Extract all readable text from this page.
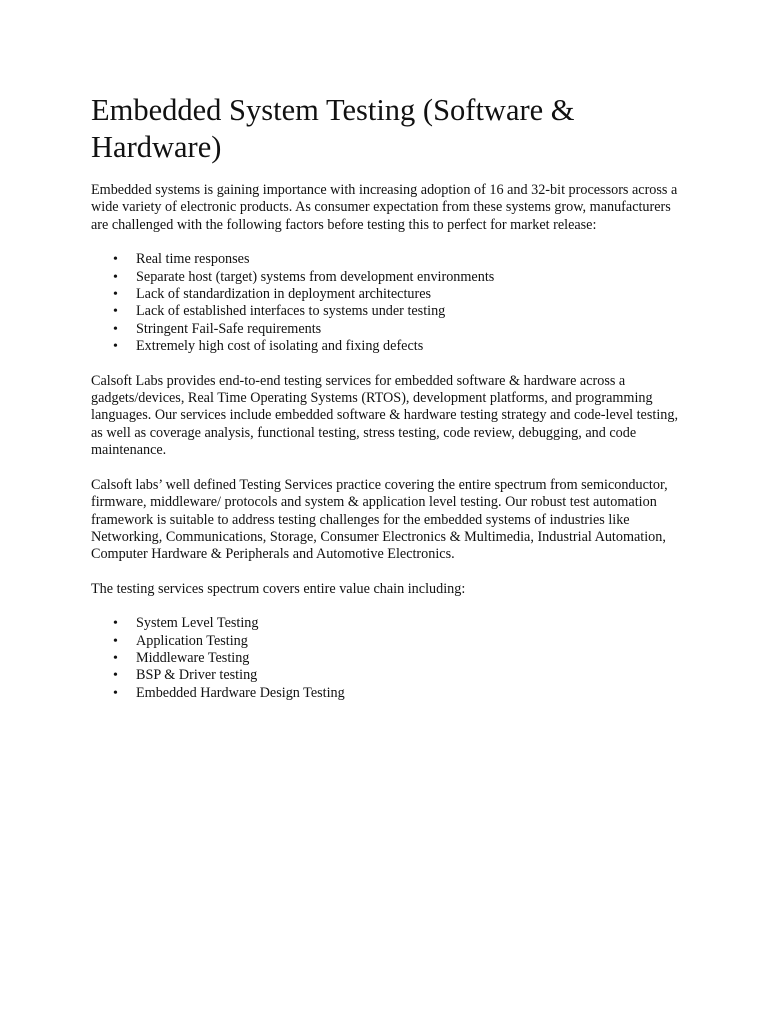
Embedded System Testing (Software & Hardware)

Embedded systems is gaining importance with increasing adoption of 16 and 32-bit processors across a wide variety of electronic products. As consumer expectation from these systems grow, manufacturers are challenged with the following factors before testing this to perfect for market release:

• Real time responses
• Separate host (target) systems from development environments
• Lack of standardization in deployment architectures
• Lack of established interfaces to systems under testing
• Stringent Fail-Safe requirements
• Extremely high cost of isolating and fixing defects

Calsoft Labs provides end-to-end testing services for embedded software & hardware across a gadgets/devices, Real Time Operating Systems (RTOS), development platforms, and programming languages. Our services include embedded software & hardware testing strategy and code-level testing, as well as coverage analysis, functional testing, stress testing, code review, debugging, and code maintenance.

Calsoft labs’ well defined Testing Services practice covering the entire spectrum from semiconductor, firmware, middleware/ protocols and system & application level testing. Our robust test automation framework is suitable to address testing challenges for the embedded systems of industries like Networking, Communications, Storage, Consumer Electronics & Multimedia, Industrial Automation, Computer Hardware & Peripherals and Automotive Electronics.

The testing services spectrum covers entire value chain including:

• System Level Testing
• Application Testing
• Middleware Testing
• BSP & Driver testing
• Embedded Hardware Design Testing
